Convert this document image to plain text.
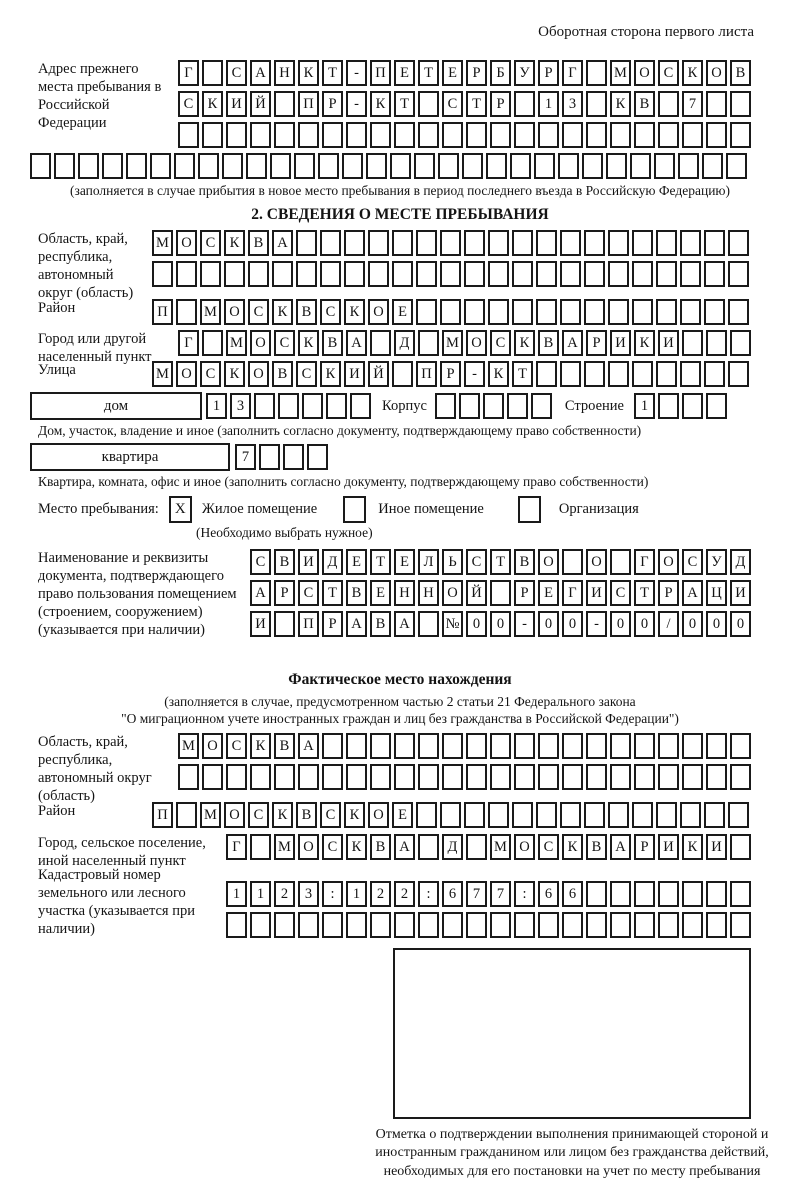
Оборотная сторона первого листа
Адрес прежнего места пребывания в Российской Федерации
Г	С А Н К	Т	-	П Е	Т	Е	Р	Б	У	Р	Г	М О С К О В
С К И Й	П	Р	-	К	Т	С	Т	Р	1	3	К В	7
(заполняется в случае прибытия в новое место пребывания в период последнего въезда в Российскую Федерацию)
2. СВЕДЕНИЯ О МЕСТЕ ПРЕБЫВАНИЯ
Область, край, республика, автономный округ (область)
М О С К В А
Район	П	М О С К В С К О Е
Город или другой населенный пункт
Г	М О С К В А	Д	М О С К В А	Р	И К И
Улица	М О С К О В С К И Й	П	Р	-	К	Т
дом	1	3	Корпус	Строение	1
Дом, участок, владение и иное (заполнить согласно документу, подтверждающему право собственности)
квартира	7
Квартира, комната, офис и иное (заполнить согласно документу, подтверждающему право собственности)
Место пребывания:	X	Жилое помещение	Иное помещение	Организация
(Необходимо выбрать нужное)
Наименование и реквизиты документа, подтверждающего право пользования помещением (строением, сооружением) (указывается при наличии)
С В И Д	Е	Т	Е	Л	Ь	С	Т	В О	О	Г	О С У Д
А	Р	С	Т	В	Е Н Н О Й	Р	Е	Г	И С	Т	Р	А Ц И
И	П	Р	А В А	№ 0	0	-	0	0	-	0	0	/	0	0	0
Фактическое место нахождения
(заполняется в случае, предусмотренном частью 2 статьи 21 Федерального закона
"О миграционном учете иностранных граждан и лиц без гражданства в Российской Федерации")
Область, край, республика, автономный округ (область)
М О С К В А
Район	П	М О С К В С К О Е
Город, сельское поселение, иной населенный пункт
Г	М О С К В А	Д	М О С К В А	Р	И К И
Кадастровый номер земельного или лесного участка (указывается при наличии)
1	1	2	3	:	1	2	2	:	6	7	7	:	6	6
Отметка о подтверждении выполнения принимающей стороной и иностранным гражданином или лицом без гражданства действий, необходимых для его постановки на учет по месту пребывания
